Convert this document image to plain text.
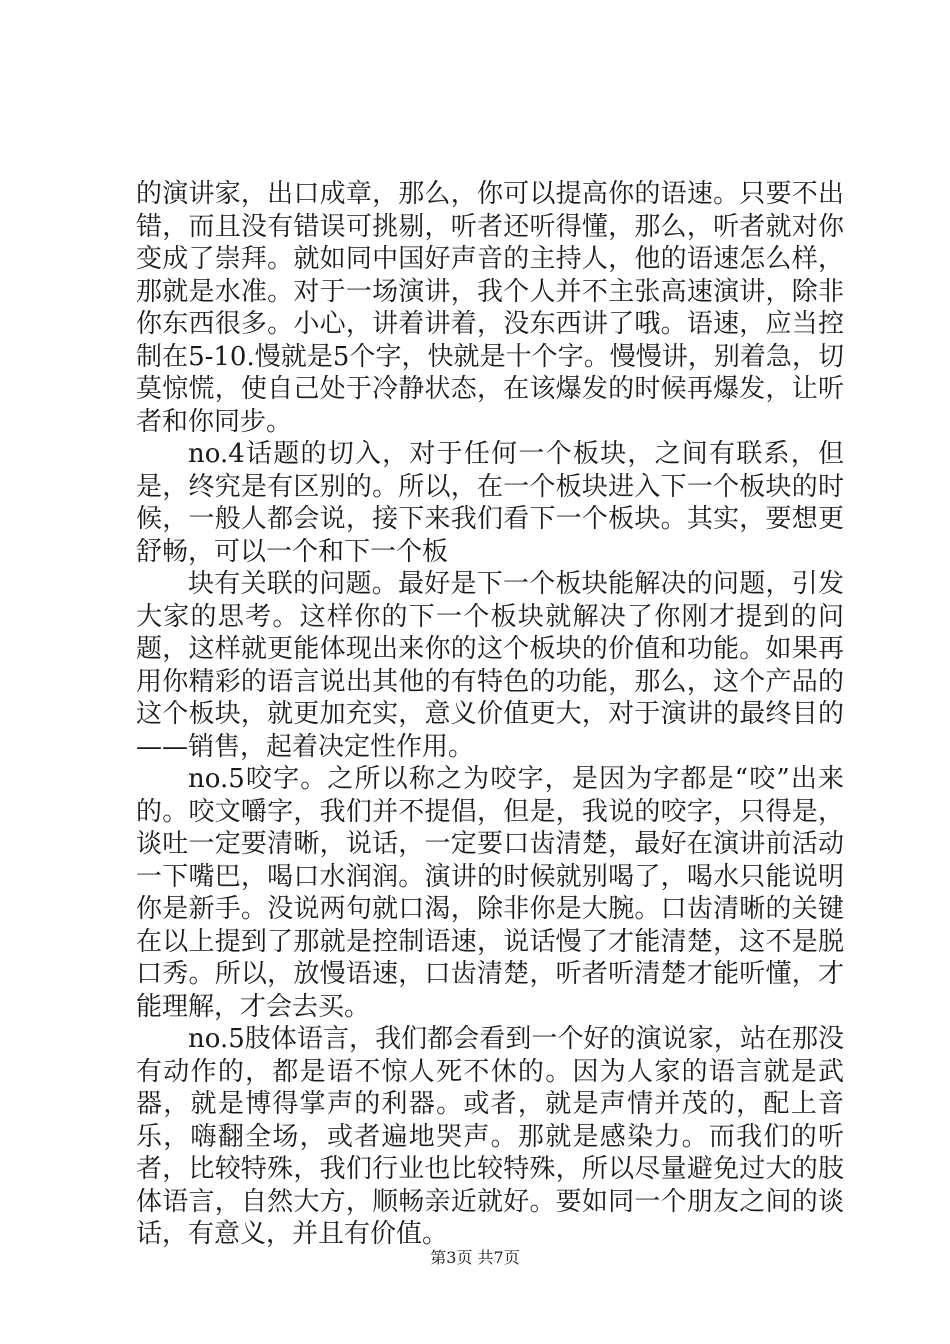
的演讲家，出口成章，那么，你可以提高你的语速。只要不出错，而且没有错误可挑剔，听者还听得懂，那么，听者就对你变成了崇拜。就如同中国好声音的主持人，他的语速怎么样，那就是水准。对于一场演讲，我个人并不主张高速演讲，除非你东西很多。小心，讲着讲着，没东西讲了哦。语速，应当控制在5-10.慢就是5个字，快就是十个字。慢慢讲，别着急，切莫惊慌，使自己处于冷静状态，在该爆发的时候再爆发，让听者和你同步。

no.4话题的切入，对于任何一个板块，之间有联系，但是，终究是有区别的。所以，在一个板块进入下一个板块的时候，一般人都会说，接下来我们看下一个板块。其实，要想更舒畅，可以一个和下一个板

块有关联的问题。最好是下一个板块能解决的问题，引发大家的思考。这样你的下一个板块就解决了你刚才提到的问题，这样就更能体现出来你的这个板块的价值和功能。如果再用你精彩的语言说出其他的有特色的功能，那么，这个产品的这个板块，就更加充实，意义价值更大，对于演讲的最终目的——销售，起着决定性作用。

no.5咬字。之所以称之为咬字，是因为字都是“咬”出来的。咬文嚼字，我们并不提倡，但是，我说的咬字，只得是，谈吐一定要清晰，说话，一定要口齿清楚，最好在演讲前活动一下嘴巴，喝口水润润。演讲的时候就别喝了，喝水只能说明你是新手。没说两句就口渴，除非你是大腕。口齿清晰的关键在以上提到了那就是控制语速，说话慢了才能清楚，这不是脱口秀。所以，放慢语速，口齿清楚，听者听清楚才能听懂，才能理解，才会去买。

no.5肢体语言，我们都会看到一个好的演说家，站在那没有动作的，都是语不惊人死不休的。因为人家的语言就是武器，就是博得掌声的利器。或者，就是声情并茂的，配上音乐，嗨翻全场，或者遍地哭声。那就是感染力。而我们的听者，比较特殊，我们行业也比较特殊，所以尽量避免过大的肢体语言，自然大方，顺畅亲近就好。要如同一个朋友之间的谈话，有意义，并且有价值。

第3页 共7页
